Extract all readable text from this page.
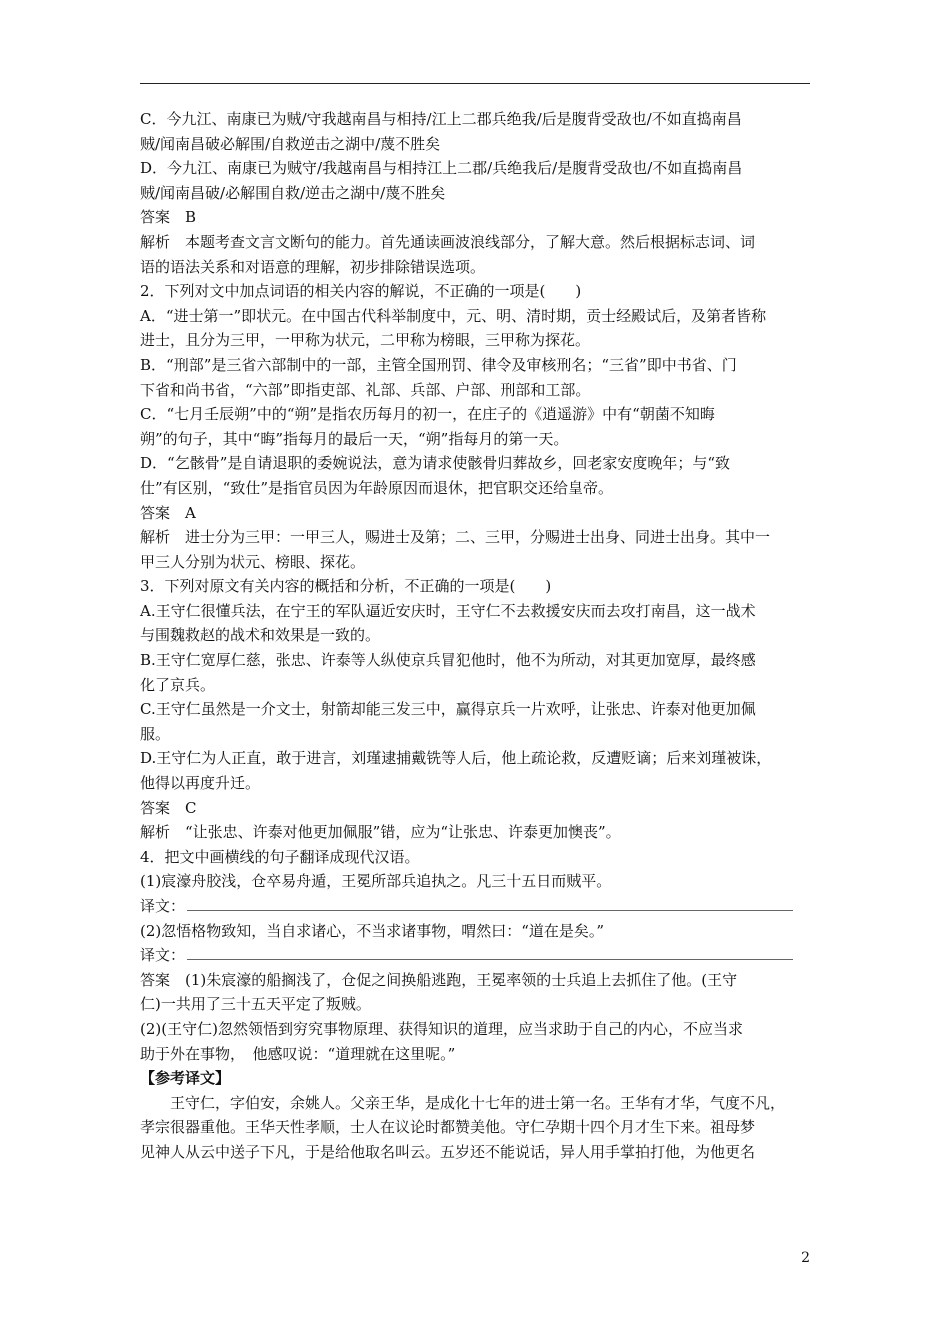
C．今九江、南康已为贼/守我越南昌与相持/江上二郡兵绝我/后是腹背受敌也/不如直捣南昌
贼/闻南昌破必解围/自救逆击之湖中/蔑不胜矣
D．今九江、南康已为贼守/我越南昌与相持江上二郡/兵绝我后/是腹背受敌也/不如直捣南昌
贼/闻南昌破/必解围自救/逆击之湖中/蔑不胜矣
答案　B
解析　本题考查文言文断句的能力。首先通读画波浪线部分，了解大意。然后根据标志词、词
语的语法关系和对语意的理解，初步排除错误选项。
2．下列对文中加点词语的相关内容的解说，不正确的一项是(　　)
A．“进士第一”即状元。在中国古代科举制度中，元、明、清时期，贡士经殿试后，及第者皆称
进士，且分为三甲，一甲称为状元，二甲称为榜眼，三甲称为探花。
B．“刑部”是三省六部制中的一部，主管全国刑罚、律令及审核刑名；“三省”即中书省、门
下省和尚书省，“六部”即指吏部、礼部、兵部、户部、刑部和工部。
C．“七月壬辰朔”中的“朔”是指农历每月的初一，在庄子的《逍遥游》中有“朝菌不知晦
朔”的句子，其中“晦”指每月的最后一天，“朔”指每月的第一天。
D．“乞骸骨”是自请退职的委婉说法，意为请求使骸骨归葬故乡，回老家安度晚年；与“致
仕”有区别，“致仕”是指官员因为年龄原因而退休，把官职交还给皇帝。
答案　A
解析　进士分为三甲：一甲三人，赐进士及第；二、三甲，分赐进士出身、同进士出身。其中一
甲三人分别为状元、榜眼、探花。
3．下列对原文有关内容的概括和分析，不正确的一项是(　　)
A.王守仁很懂兵法，在宁王的军队逼近安庆时，王守仁不去救援安庆而去攻打南昌，这一战术
与围魏救赵的战术和效果是一致的。
B.王守仁宽厚仁慈，张忠、许泰等人纵使京兵冒犯他时，他不为所动，对其更加宽厚，最终感
化了京兵。
C.王守仁虽然是一介文士，射箭却能三发三中，赢得京兵一片欢呼，让张忠、许泰对他更加佩
服。
D.王守仁为人正直，敢于进言，刘瑾逮捕戴铣等人后，他上疏论救，反遭贬谪；后来刘瑾被诛，
他得以再度升迁。
答案　C
解析　“让张忠、许泰对他更加佩服”错，应为“让张忠、许泰更加懊丧”。
4．把文中画横线的句子翻译成现代汉语。
(1)宸濠舟胶浅，仓卒易舟遁，王冕所部兵追执之。凡三十五日而贼平。
译文：
(2)忽悟格物致知，当自求诸心，不当求诸事物，喟然曰：“道在是矣。”
译文：
答案　(1)朱宸濠的船搁浅了，仓促之间换船逃跑，王冕率领的士兵追上去抓住了他。(王守
仁)一共用了三十五天平定了叛贼。
(2)(王守仁)忽然领悟到穷究事物原理、获得知识的道理，应当求助于自己的内心，不应当求
助于外在事物，　他感叹说：“道理就在这里呢。”
【参考译文】
王守仁，字伯安，余姚人。父亲王华，是成化十七年的进士第一名。王华有才华，气度不凡，
孝宗很器重他。王华天性孝顺，士人在议论时都赞美他。守仁孕期十四个月才生下来。祖母梦
见神人从云中送子下凡，于是给他取名叫云。五岁还不能说话，异人用手掌拍打他，为他更名
2
